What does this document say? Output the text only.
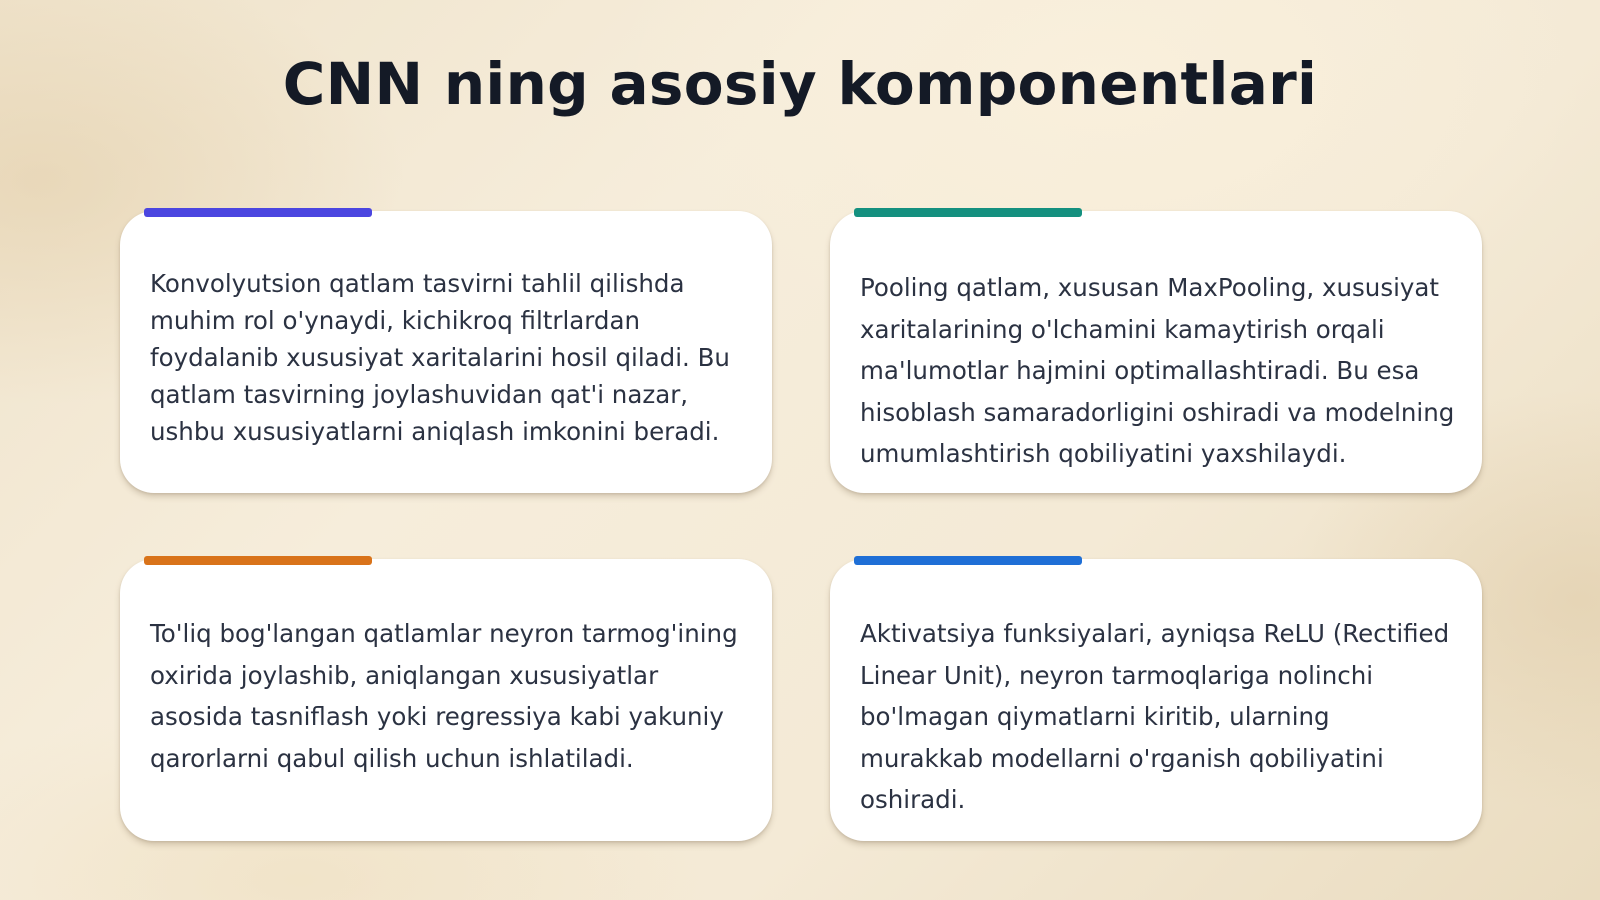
CNN ning asosiy komponentlari

Konvolyutsion qatlam tasvirni tahlil qilishda muhim rol o'ynaydi, kichikroq filtrlardan foydalanib xususiyat xaritalarini hosil qiladi. Bu qatlam tasvirning joylashuvidan qat'i nazar, ushbu xususiyatlarni aniqlash imkonini beradi.

Pooling qatlam, xususan MaxPooling, xususiyat xaritalarining o'lchamini kamaytirish orqali ma'lumotlar hajmini optimallashtiradi. Bu esa hisoblash samaradorligini oshiradi va modelning umumlashtirish qobiliyatini yaxshilaydi.

To'liq bog'langan qatlamlar neyron tarmog'ining oxirida joylashib, aniqlangan xususiyatlar asosida tasniflash yoki regressiya kabi yakuniy qarorlarni qabul qilish uchun ishlatiladi.

Aktivatsiya funksiyalari, ayniqsa ReLU (Rectified Linear Unit), neyron tarmoqlariga nolinchi bo'lmagan qiymatlarni kiritib, ularning murakkab modellarni o'rganish qobiliyatini oshiradi.
